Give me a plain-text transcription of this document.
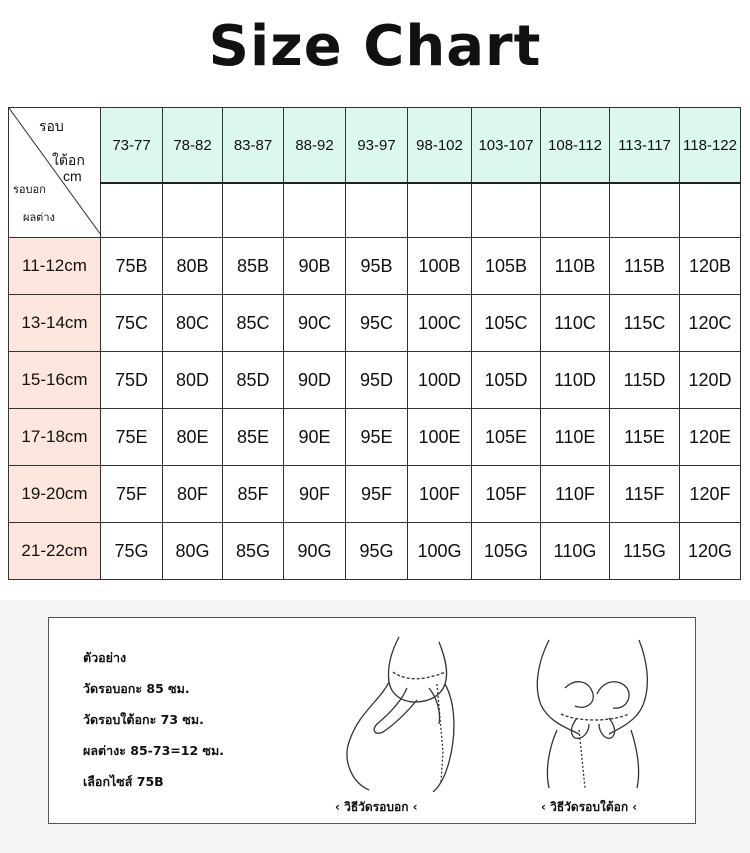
Size Chart
รอบ
ใต้อก
cm
รอบอก
ผลต่าง	73-77	78-82	83-87	88-92	93-97	98-102	103-107	108-112	113-117	118-122

11-12cm	75B	80B	85B	90B	95B	100B	105B	110B	115B	120B
13-14cm	75C	80C	85C	90C	95C	100C	105C	110C	115C	120C
15-16cm	75D	80D	85D	90D	95D	100D	105D	110D	115D	120D
17-18cm	75E	80E	85E	90E	95E	100E	105E	110E	115E	120E
19-20cm	75F	80F	85F	90F	95F	100F	105F	110F	115F	120F
21-22cm	75G	80G	85G	90G	95G	100G	105G	110G	115G	120G
ตัวอย่าง
วัดรอบอกะ 85 ซม.
วัดรอบใต้อกะ 73 ซม.
ผลต่างะ 85-73=12 ซม.
เลือกไซส์ 75B
‹ วิธีวัดรอบอก ‹	‹ วิธีวัดรอบใต้อก ‹
